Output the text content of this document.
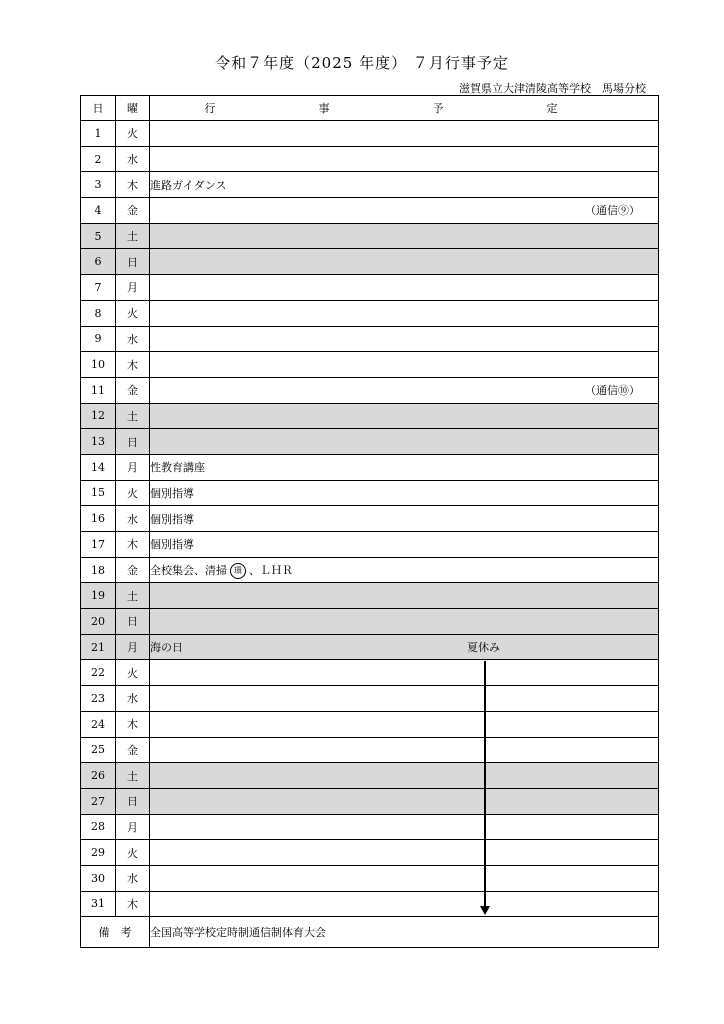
令和７年度（2025 年度） ７月行事予定
滋賀県立大津清陵高等学校　馬場分校
日	曜	行　事　予　定
1	火	
2	水	
3	木	進路ガイダンス
4	金	（通信⑨）

5	土	
6	日	
7	月	
8	火	
9	水	
10	木	
11	金	（通信⑩）

12	土	
13	日	
14	月	性教育講座
15	火	個別指導
16	水	個別指導
17	木	個別指導
18	金	全校集会、清掃 環 、ＬＨＲ
19	土	
20	日	
21	月	海の日 夏休み

22	火	
23	水	
24	木	
25	金	
26	土	
27	日	
28	月	
29	火	
30	水	
31	木	
備　考		全国高等学校定時制通信制体育大会
